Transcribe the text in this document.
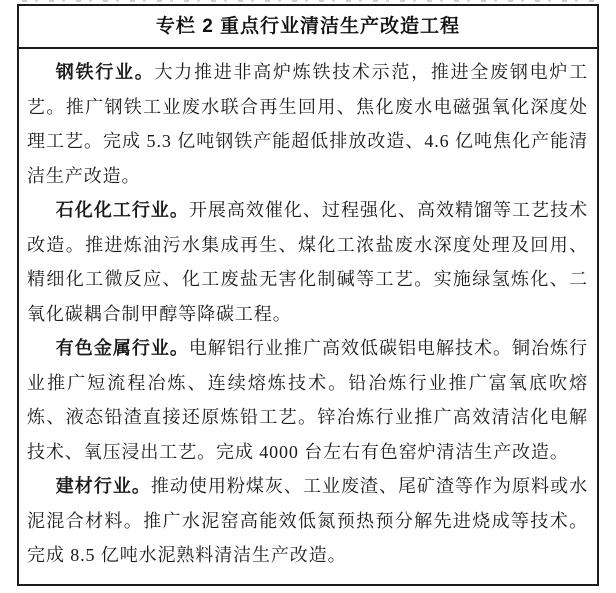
专栏 2 重点行业清洁生产改造工程

钢铁行业。大力推进非高炉炼铁技术示范，推进全废钢电炉工艺。推广钢铁工业废水联合再生回用、焦化废水电磁强氧化深度处理工艺。完成 5.3 亿吨钢铁产能超低排放改造、4.6 亿吨焦化产能清洁生产改造。

石化化工行业。开展高效催化、过程强化、高效精馏等工艺技术改造。推进炼油污水集成再生、煤化工浓盐废水深度处理及回用、精细化工微反应、化工废盐无害化制碱等工艺。实施绿氢炼化、二氧化碳耦合制甲醇等降碳工程。

有色金属行业。电解铝行业推广高效低碳铝电解技术。铜冶炼行业推广短流程冶炼、连续熔炼技术。铅冶炼行业推广富氧底吹熔炼、液态铅渣直接还原炼铅工艺。锌冶炼行业推广高效清洁化电解技术、氧压浸出工艺。完成 4000 台左右有色窑炉清洁生产改造。

建材行业。推动使用粉煤灰、工业废渣、尾矿渣等作为原料或水泥混合材料。推广水泥窑高能效低氮预热预分解先进烧成等技术。完成 8.5 亿吨水泥熟料清洁生产改造。
